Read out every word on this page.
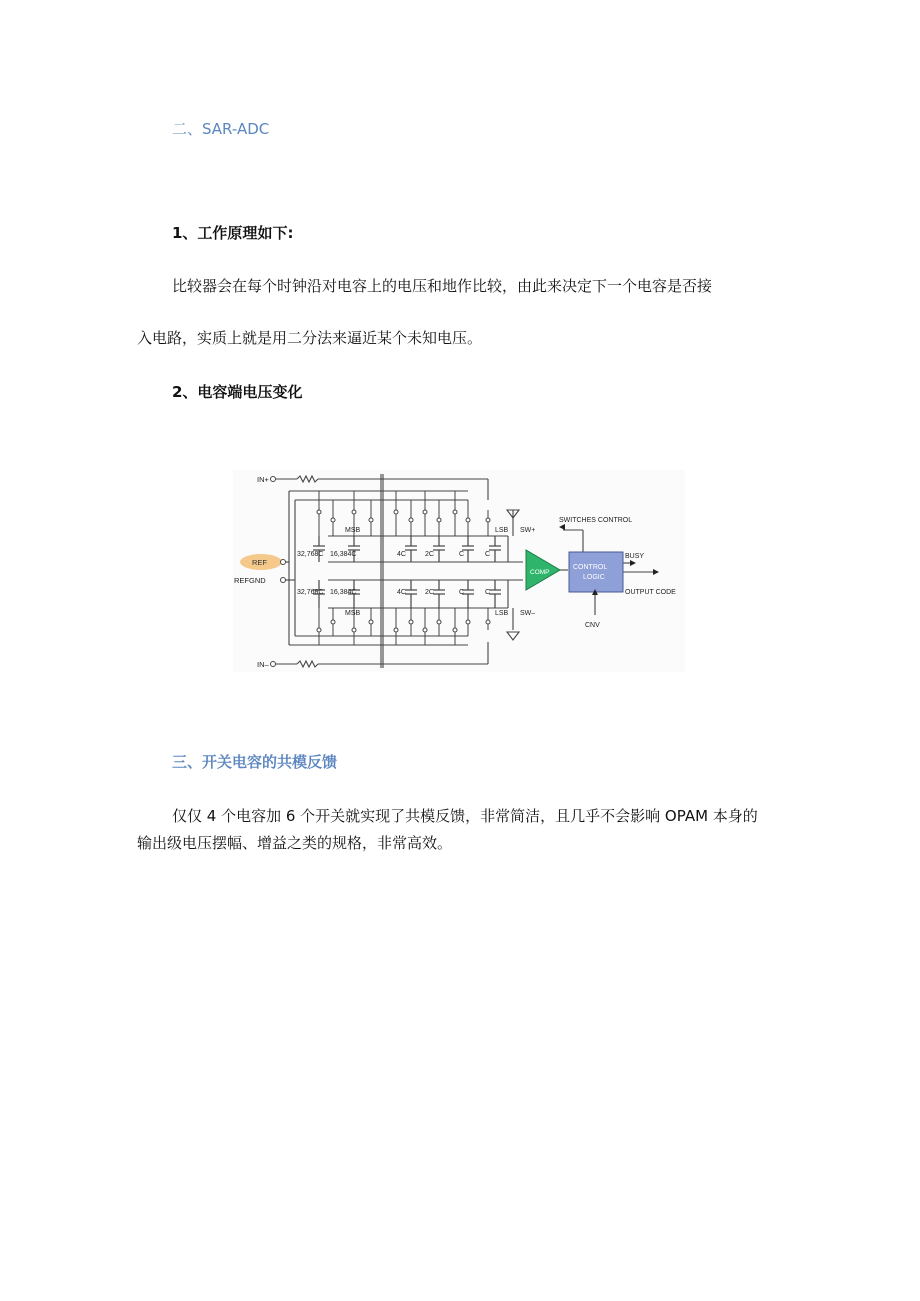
二、SAR-ADC
1、工作原理如下:
比较器会在每个时钟沿对电容上的电压和地作比较，由此来决定下一个电容是否接
入电路，实质上就是用二分法来逼近某个未知电压。
2、电容端电压变化
IN+
IN–
REF
REFGND
32,768C 16,384C	4C	2C	C	C
32,768C 16,384C	4C	2C	C	C
MSB
MSB
LSB
LSB
SW+
SW–
COMP
CONTROL
LOGIC
SWITCHES CONTROL
BUSY
OUTPUT CODE
CNV
三、开关电容的共模反馈
仅仅 4 个电容加 6 个开关就实现了共模反馈，非常简洁，且几乎不会影响 OPAM 本身的
输出级电压摆幅、增益之类的规格，非常高效。
